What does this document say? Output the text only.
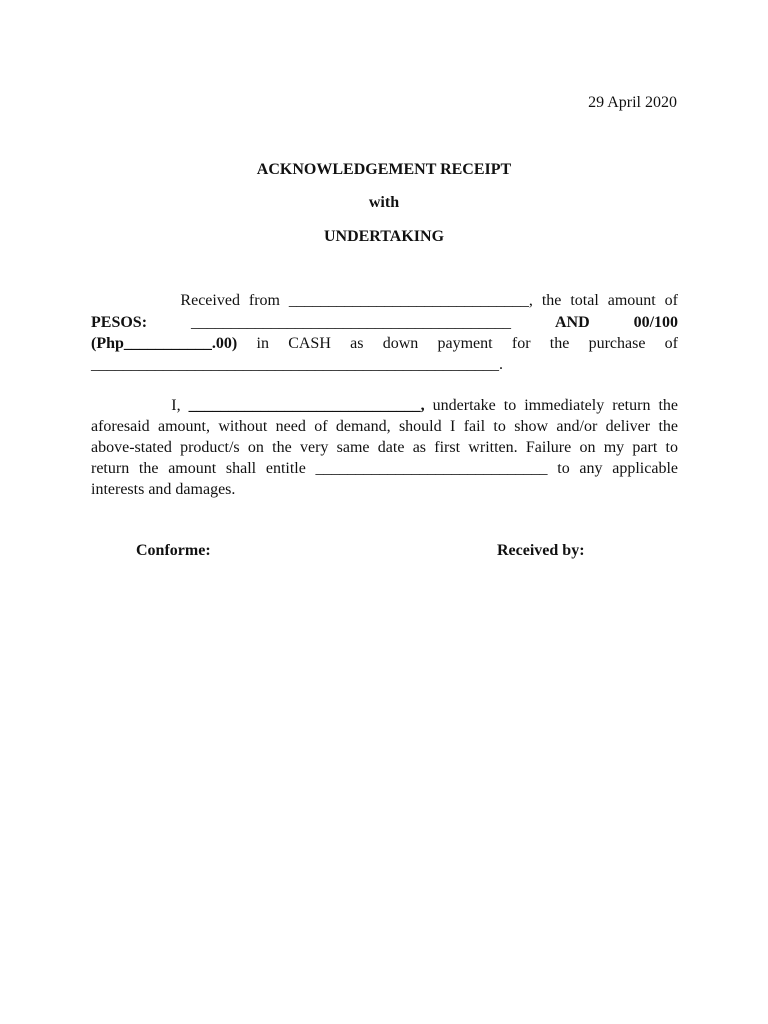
29 April 2020
ACKNOWLEDGEMENT RECEIPT
with
UNDERTAKING
Received from ______________________________, the total amount of
PESOS:	________________________________________	AND 00/100
(Php___________.00) in CASH as down payment for the purchase of
___________________________________________________.
I, _____________________________, undertake to immediately return the
aforesaid amount, without need of demand, should I fail to show and/or deliver the
above-stated product/s on the very same date as first written. Failure on my part to
return the amount shall entitle _____________________________ to any applicable
interests and damages.
Conforme:	Received by:
